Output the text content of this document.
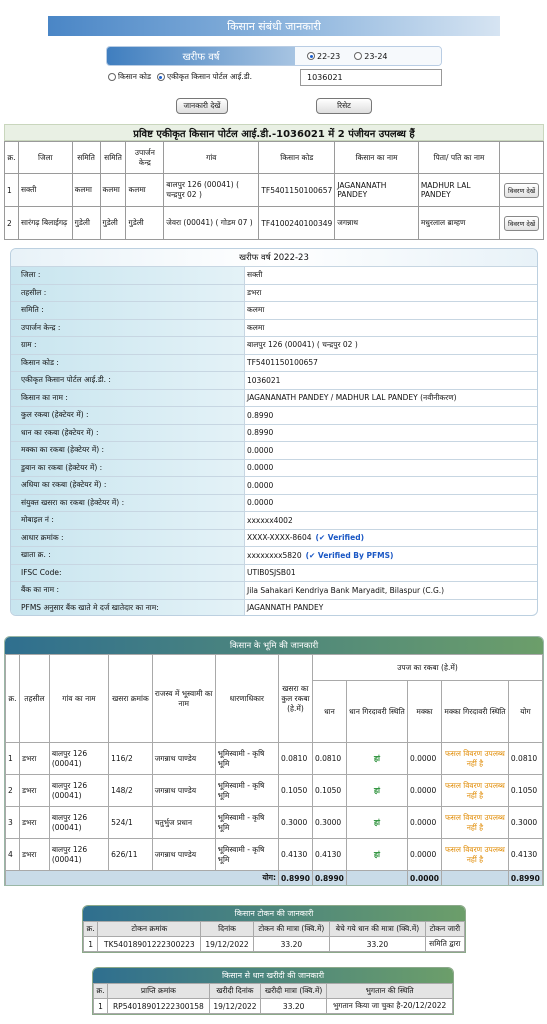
किसान संबंधी जानकारी
खरीफ वर्ष	22-23	23-24
किसान कोड एकीकृत किसान पोर्टल आई.डी.	1036021
जानकारी देखें	रिसेट
प्रविष्ट एकीकृत किसान पोर्टल आई.डी.-1036021 में 2 पंजीयन उपलब्ध हैं
क्र.	जिला	समिति	समिति	उपार्जन केन्द्र	गांव	किसान कोड	किसान का नाम	पिता/ पति का नाम	
1	सक्ती	कलमा	कलमा	कलमा	बालपुर 126 (00041) ( चन्द्रपुर 02 )	TF5401150100657	JAGANANATH PANDEY	MADHUR LAL PANDEY	विवरण देखें
2	सारंगढ़ बिलाईगढ़	गुडेली	गुडेली	गुडेली	जेवरा (00041) ( गोडम 07 )	TF4100240100349	जगन्नाथ	मधुरलाल ब्राम्हण	विवरण देखें
खरीफ वर्ष 2022-23
जिला :	सक्ती
तहसील :	डभरा
समिति :	कलमा
उपार्जन केन्द्र :	कलमा
ग्राम :	बालपुर 126 (00041) ( चन्द्रपुर 02 )
किसान कोड :	TF5401150100657
एकीकृत किसान पोर्टल आई.डी. :	1036021
किसान का नाम :	JAGANANATH PANDEY / MADHUR LAL PANDEY (नवीनीकरण)
कुल रकबा (हेक्टेयर में) :	0.8990
धान का रकबा (हेक्टेयर में) :	0.8990
मक्का का रकबा (हेक्टेयर में) :	0.0000
डुबान का रकबा (हेक्टेयर में) :	0.0000
अधिया का रकबा (हेक्टेयर में) :	0.0000
संयुक्त खसरा का रकबा (हेक्टेयर में) :	0.0000
मोबाइल नं :	xxxxxx4002
आधार क्रमांक :	XXXX-XXXX-8604 (✔ Verified)
खाता क्र. :	xxxxxxxx5820 (✔ Verified By PFMS)
IFSC Code:	UTIB0SJSB01
बैंक का नाम :	Jila Sahakari Kendriya Bank Maryadit, Bilaspur (C.G.)
PFMS अनुसार बैंक खाते मे दर्ज खातेदार का नाम:	JAGANNATH PANDEY
किसान के भूमि की जानकारी
क्र.	तहसील	गांव का नाम	खसरा क्रमांक	राजस्व में भूस्वामी का नाम	धारणाधिकार	खसरा का कुल रकबा (हे.में)	उपज का रकबा (हे.में)				
							धान	धान गिरदावरी स्थिति	मक्का	मक्का गिरदावरी स्थिति	योग
1	डभरा	बालपुर 126 (00041)	116/2	जगन्नाथ पाण्डेय	भूमिस्वामी - कृषि भूमि	0.0810	0.0810	हां	0.0000	फसल विवरण उपलब्ध नहीं है	0.0810
2	डभरा	बालपुर 126 (00041)	148/2	जगन्नाथ पाण्डेय	भूमिस्वामी - कृषि भूमि	0.1050	0.1050	हां	0.0000	फसल विवरण उपलब्ध नहीं है	0.1050
3	डभरा	बालपुर 126 (00041)	524/1	चतुर्भुज प्रधान	भूमिस्वामी - कृषि भूमि	0.3000	0.3000	हां	0.0000	फसल विवरण उपलब्ध नहीं है	0.3000
4	डभरा	बालपुर 126 (00041)	626/11	जगन्नाथ पाण्डेय	भूमिस्वामी - कृषि भूमि	0.4130	0.4130	हां	0.0000	फसल विवरण उपलब्ध नहीं है	0.4130
योग:						0.8990	0.8990		0.0000		0.8990
किसान टोकन की जानकारी
क्र.	टोकन क्रमांक	दिनांक	टोकन की मात्रा (क्वि.में)	बेचे गये धान की मात्रा (क्वि.में)	टोकन जारी
1	TK54018901222300223	19/12/2022	33.20	33.20	समिति द्वारा
किसान से धान खरीदी की जानकारी
क्र.	प्राप्ति क्रमांक	खरीदी दिनांक	खरीदी मात्रा (क्वि.में)	भुगतान की स्थिति
1	RP54018901222300158	19/12/2022	33.20	भुगतान किया जा चुका है-20/12/2022
